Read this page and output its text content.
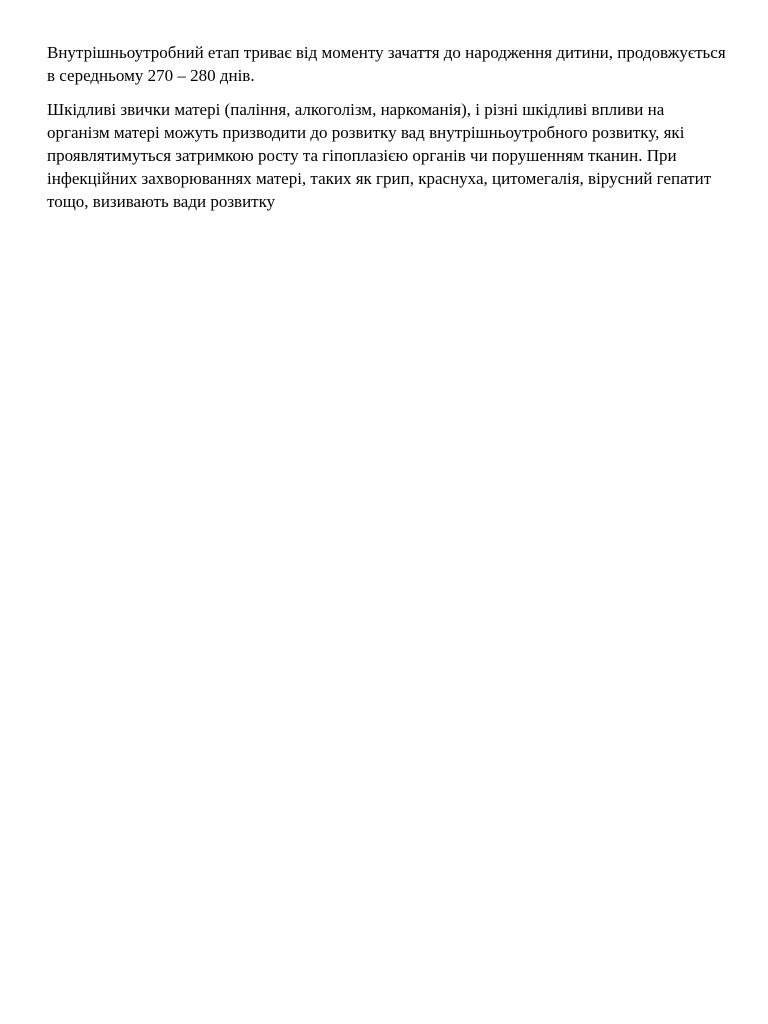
Внутрішньоутробний етап триває від моменту зачаття до народження дитини, продовжується в середньому 270 – 280 днів.

Шкідливі звички матері (паління, алкоголізм, наркоманія), і різні шкідливі впливи на організм матері можуть призводити до розвитку вад внутрішньоутробного розвитку, які проявлятимуться затримкою росту та гіпоплазією органів чи порушенням тканин. При інфекційних захворюваннях матері, таких як грип, краснуха, цитомегалія, вірусний гепатит тощо, визивають вади розвитку
